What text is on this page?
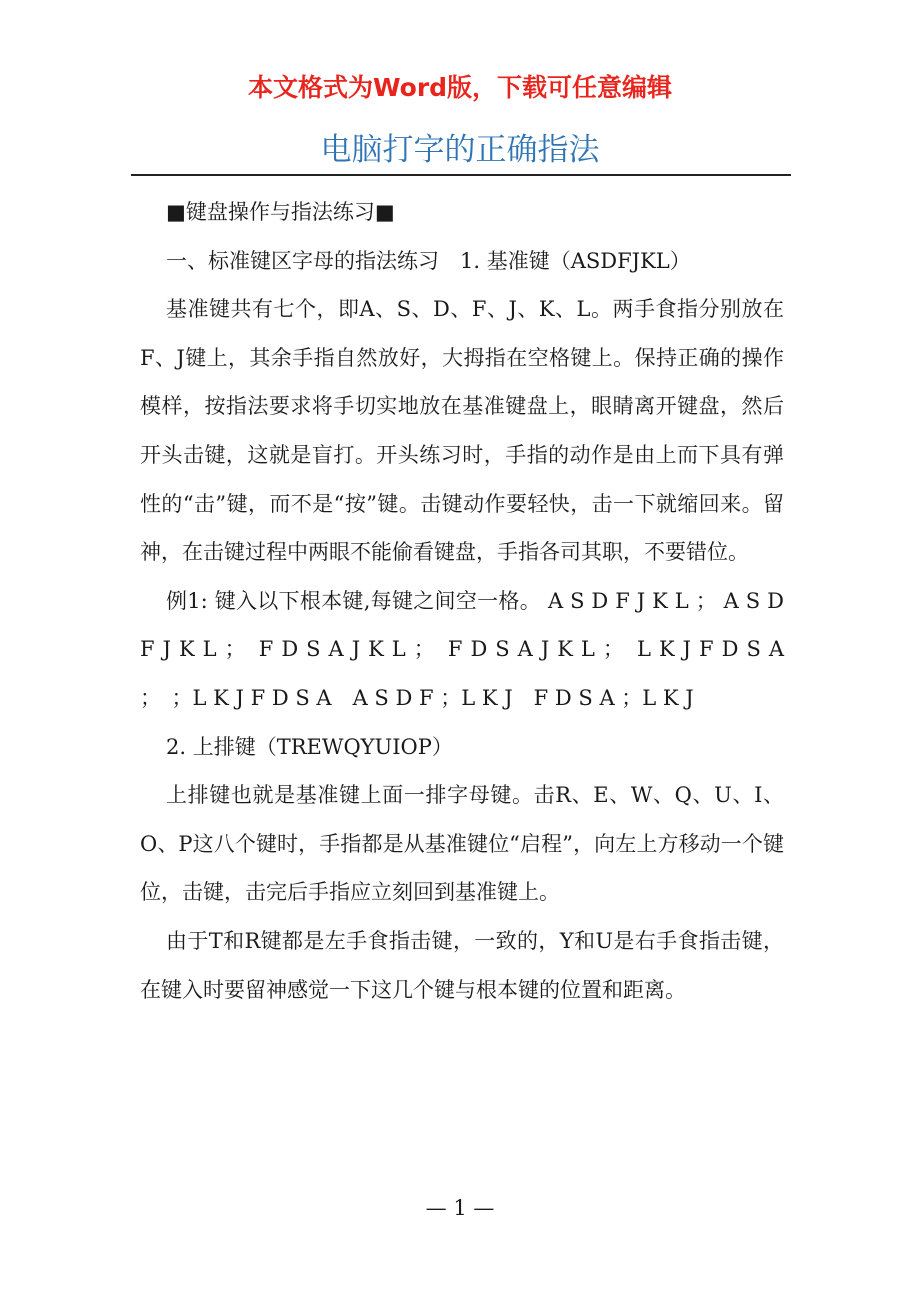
本文格式为Word版，下载可任意编辑
电脑打字的正确指法

■键盘操作与指法练习■

一、标准键区字母的指法练习　1. 基准键（ASDFJKL）

基准键共有七个，即A、S、D、F、J、K、L。两手食指分别放在F、J键上，其余手指自然放好，大拇指在空格键上。保持正确的操作模样，按指法要求将手切实地放在基准键盘上，眼睛离开键盘，然后开头击键，这就是盲打。开头练习时，手指的动作是由上而下具有弹性的“击”键，而不是“按”键。击键动作要轻快，击一下就缩回来。留神，在击键过程中两眼不能偷看键盘，手指各司其职，不要错位。

例1: 键入以下根本键,每键之间空一格。 A S D F J K L ； A S D F J K L ；　F D S A J K L ；　F D S A J K L ；　L K J F D S A ；　；L K J F D S A　A S D F ；L K J　F D S A ；L K J

2. 上排键（TREWQYUIOP）

上排键也就是基准键上面一排字母键。击R、E、W、Q、U、I、O、P这八个键时，手指都是从基准键位“启程”，向左上方移动一个键位，击键，击完后手指应立刻回到基准键上。

由于T和R键都是左手食指击键，一致的，Y和U是右手食指击键，在键入时要留神感觉一下这几个键与根本键的位置和距离。

— 1 —
